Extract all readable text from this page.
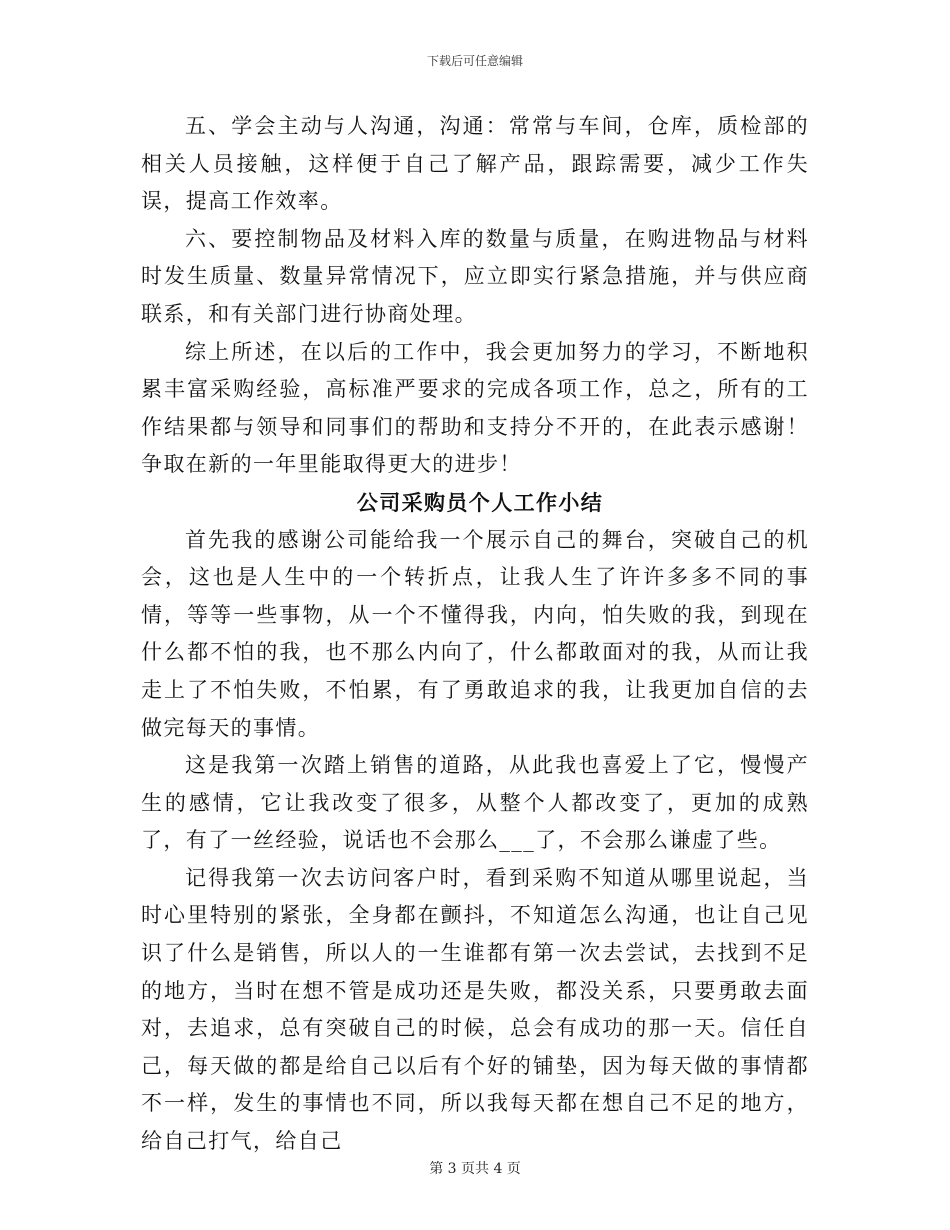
下载后可任意编辑

五、学会主动与人沟通，沟通：常常与车间，仓库，质检部的相关人员接触，这样便于自己了解产品，跟踪需要，减少工作失误，提高工作效率。

六、要控制物品及材料入库的数量与质量，在购进物品与材料时发生质量、数量异常情况下，应立即实行紧急措施，并与供应商联系，和有关部门进行协商处理。

综上所述，在以后的工作中，我会更加努力的学习，不断地积累丰富采购经验，高标准严要求的完成各项工作，总之，所有的工作结果都与领导和同事们的帮助和支持分不开的，在此表示感谢！争取在新的一年里能取得更大的进步！

公司采购员个人工作小结

首先我的感谢公司能给我一个展示自己的舞台，突破自己的机会，这也是人生中的一个转折点，让我人生了许许多多不同的事情，等等一些事物，从一个不懂得我，内向，怕失败的我，到现在什么都不怕的我，也不那么内向了，什么都敢面对的我，从而让我走上了不怕失败，不怕累，有了勇敢追求的我，让我更加自信的去做完每天的事情。

这是我第一次踏上销售的道路，从此我也喜爱上了它，慢慢产生的感情，它让我改变了很多，从整个人都改变了，更加的成熟了，有了一丝经验，说话也不会那么___了，不会那么谦虚了些。

记得我第一次去访问客户时，看到采购不知道从哪里说起，当时心里特别的紧张，全身都在颤抖，不知道怎么沟通，也让自己见识了什么是销售，所以人的一生谁都有第一次去尝试，去找到不足的地方，当时在想不管是成功还是失败，都没关系，只要勇敢去面对，去追求，总有突破自己的时候，总会有成功的那一天。信任自己，每天做的都是给自己以后有个好的铺垫，因为每天做的事情都不一样，发生的事情也不同，所以我每天都在想自己不足的地方，给自己打气，给自己

第 3 页共 4 页
